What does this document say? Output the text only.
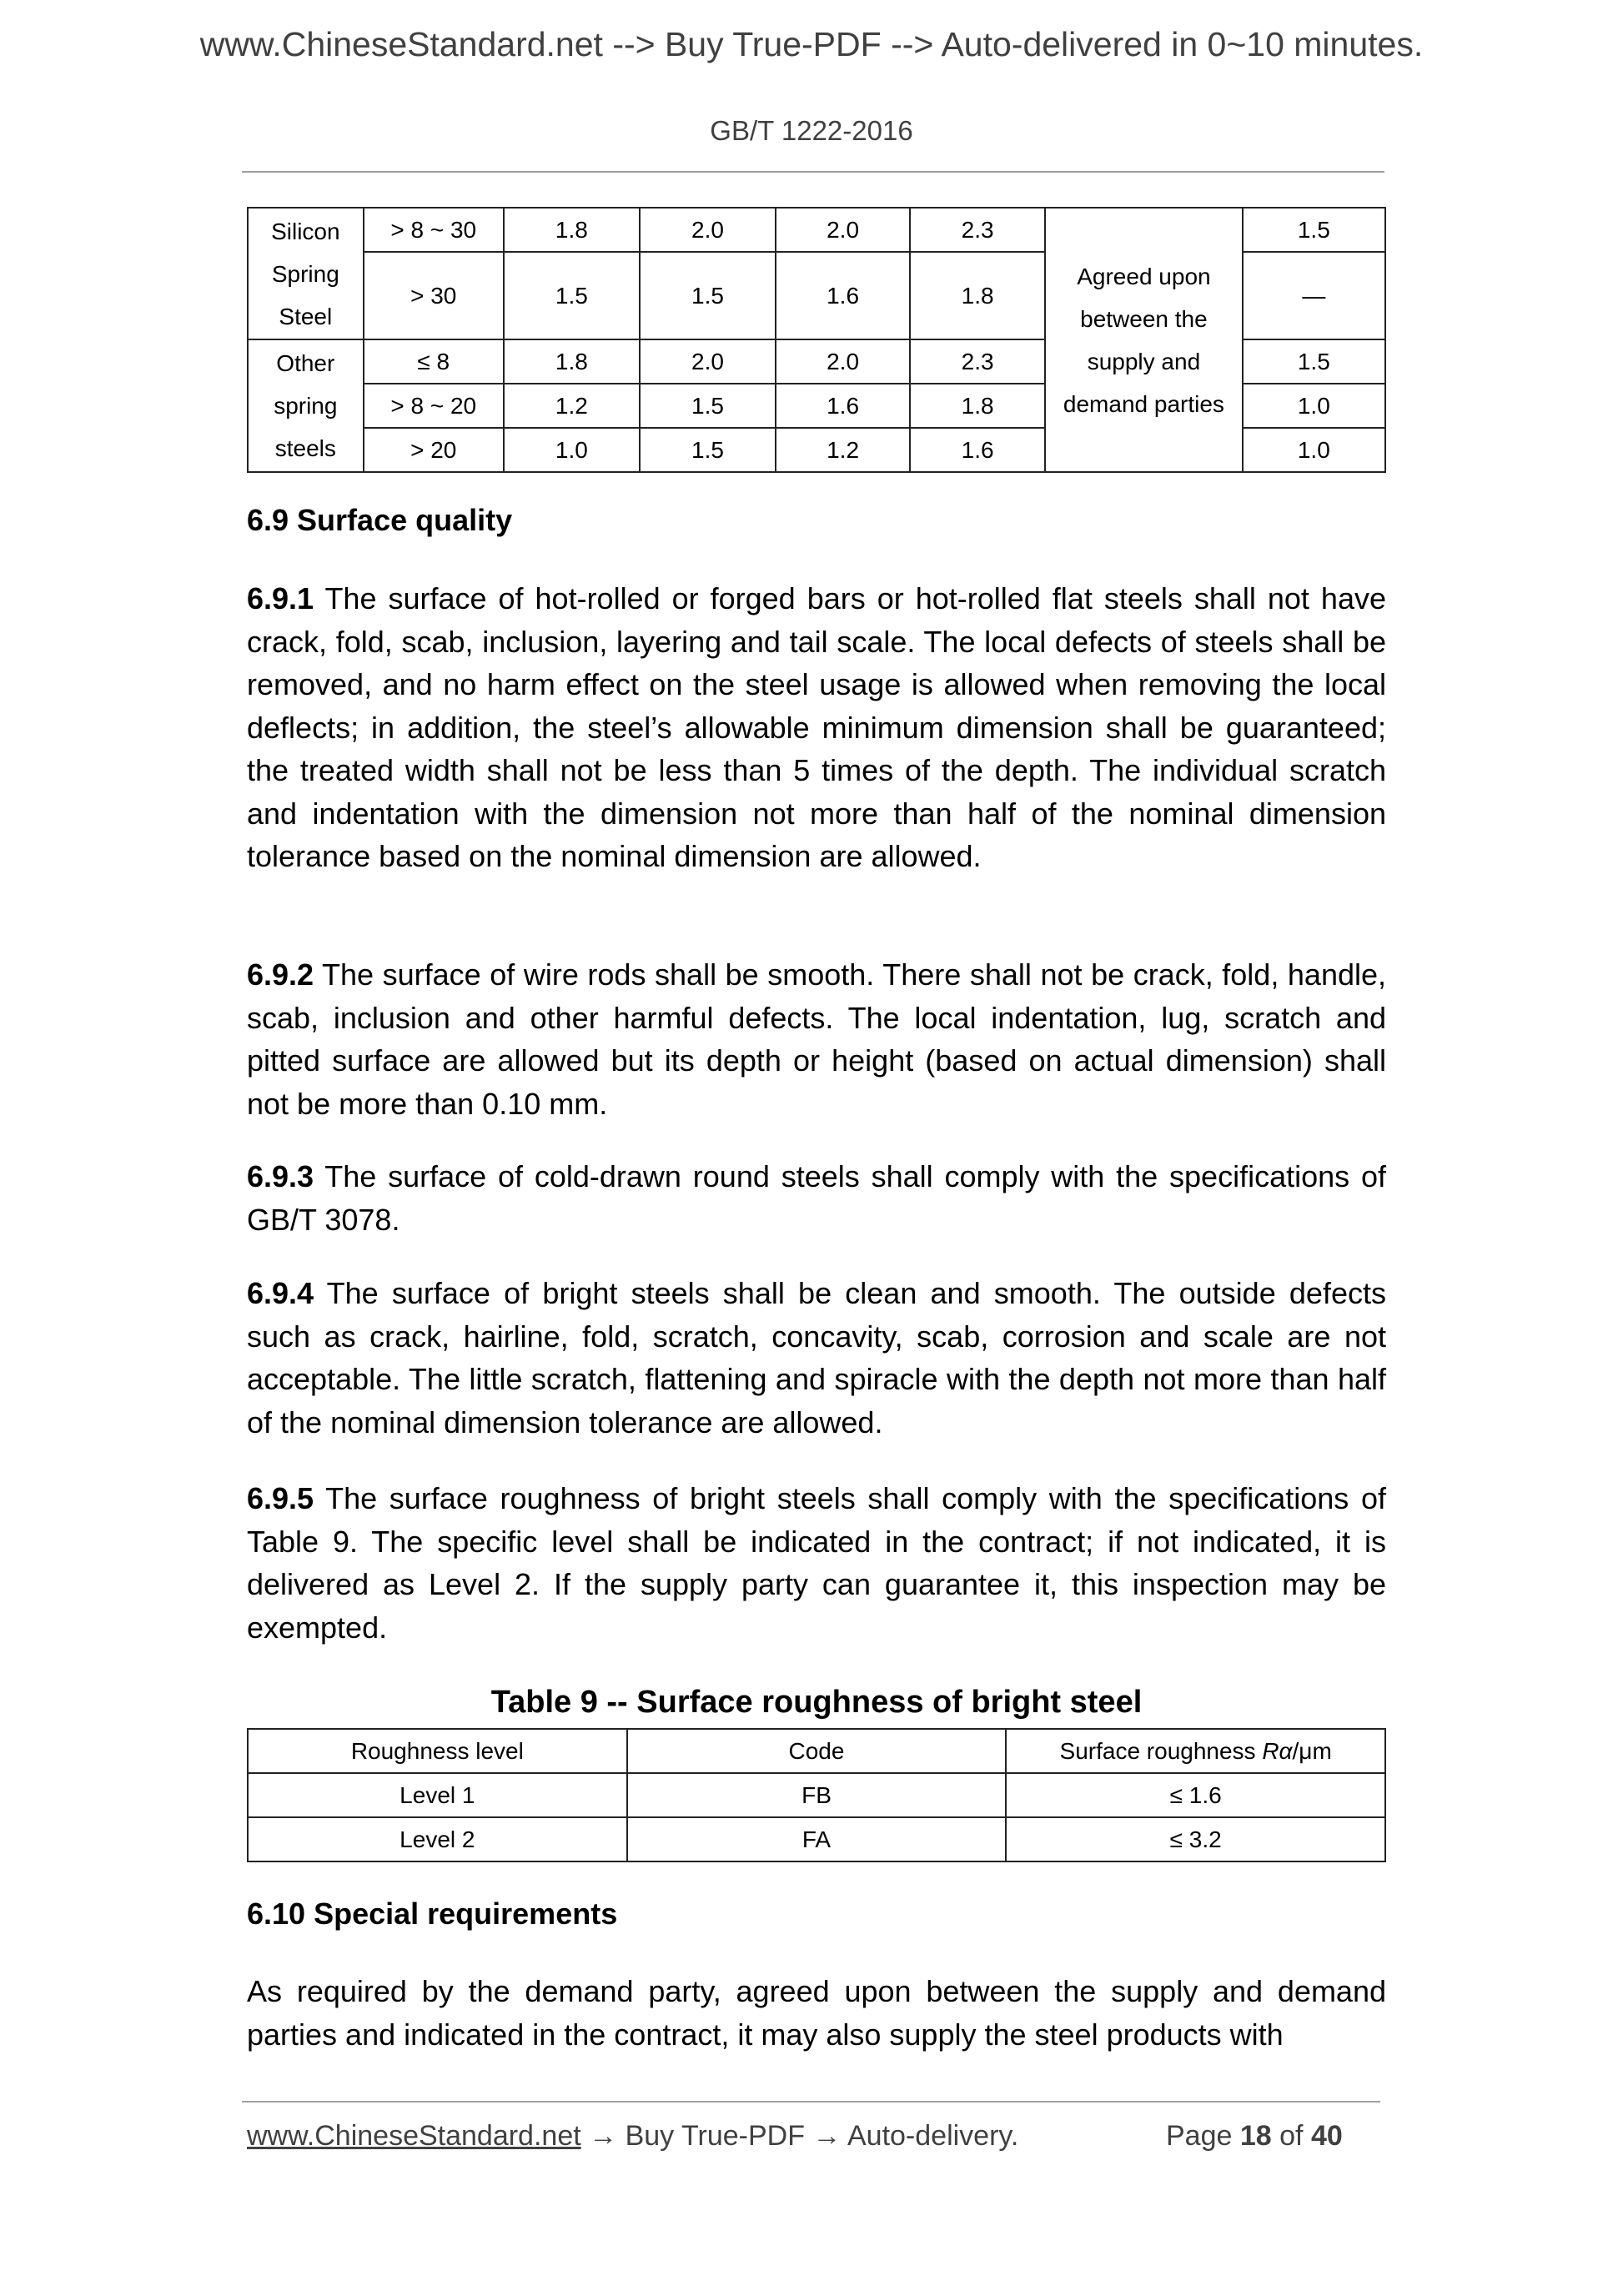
www.ChineseStandard.net --> Buy True-PDF --> Auto-delivered in 0~10 minutes.
GB/T 1222-2016
Silicon Spring Steel	> 8 ~ 30	1.8	2.0	2.0	2.3	Agreed upon between the supply and demand parties	1.5
	> 30	1.5	1.5	1.6	1.8		—
Other spring steels	≤ 8	1.8	2.0	2.0	2.3		1.5
	> 8 ~ 20	1.2	1.5	1.6	1.8		1.0
	> 20	1.0	1.5	1.2	1.6		1.0
6.9 Surface quality
6.9.1 The surface of hot-rolled or forged bars or hot-rolled flat steels shall not have crack, fold, scab, inclusion, layering and tail scale. The local defects of steels shall be removed, and no harm effect on the steel usage is allowed when removing the local deflects; in addition, the steel’s allowable minimum dimension shall be guaranteed; the treated width shall not be less than 5 times of the depth. The individual scratch and indentation with the dimension not more than half of the nominal dimension tolerance based on the nominal dimension are allowed.
6.9.2 The surface of wire rods shall be smooth. There shall not be crack, fold, handle, scab, inclusion and other harmful defects. The local indentation, lug, scratch and pitted surface are allowed but its depth or height (based on actual dimension) shall not be more than 0.10 mm.
6.9.3 The surface of cold-drawn round steels shall comply with the specifications of GB/T 3078.
6.9.4 The surface of bright steels shall be clean and smooth. The outside defects such as crack, hairline, fold, scratch, concavity, scab, corrosion and scale are not acceptable. The little scratch, flattening and spiracle with the depth not more than half of the nominal dimension tolerance are allowed.
6.9.5 The surface roughness of bright steels shall comply with the specifications of Table 9. The specific level shall be indicated in the contract; if not indicated, it is delivered as Level 2. If the supply party can guarantee it, this inspection may be exempted.
Table 9 -- Surface roughness of bright steel
Roughness level	Code	Surface roughness Rα/μm
Level 1	FB	≤ 1.6
Level 2	FA	≤ 3.2
6.10 Special requirements
As required by the demand party, agreed upon between the supply and demand parties and indicated in the contract, it may also supply the steel products with
www.ChineseStandard.net → Buy True-PDF → Auto-delivery.	Page 18 of 40
